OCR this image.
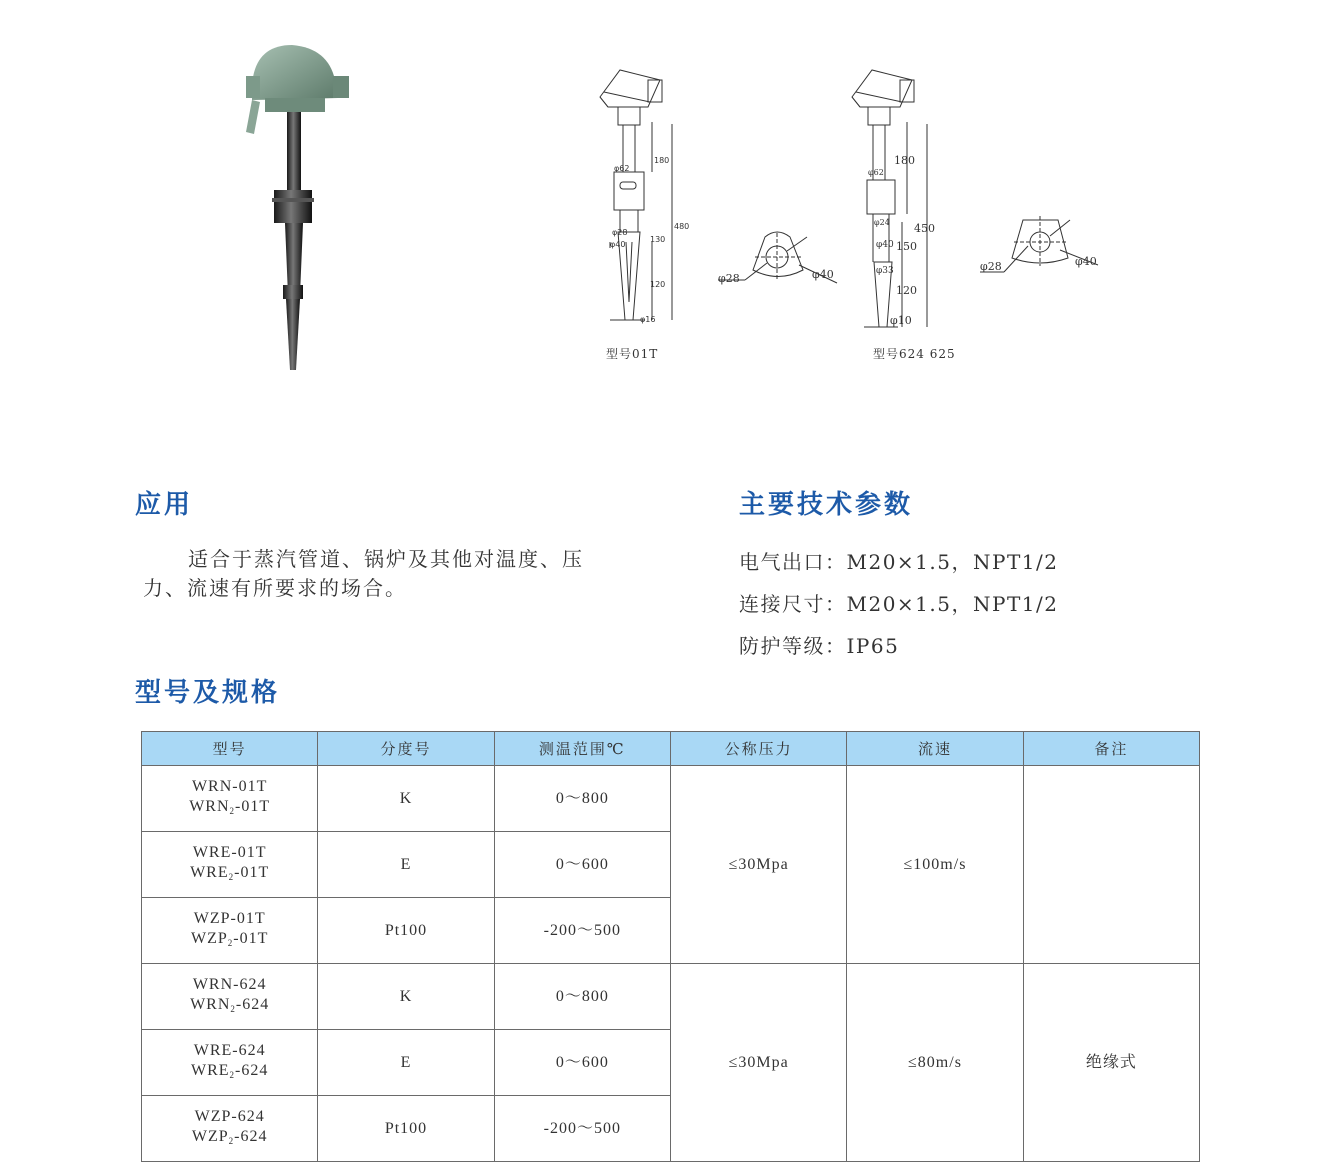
φ62
180
480
φ28
φ40
130
120
φ16
型号01T
φ28	φ40
180
φ62
φ24 450
φ40 150
φ33
120
φ10
型号624 625
φ28	φ40
应用
适合于蒸汽管道、锅炉及其他对温度、压
力、流速有所要求的场合。
主要技术参数
电气出口：M20×1.5，NPT1/2
连接尺寸：M20×1.5，NPT1/2
防护等级：IP65
型号及规格
型号	分度号	测温范围℃	公称压力	流速	备注
WRN-01T
$WRN_2-01T$	K	0～800	≤30Mpa	≤100m/s	
WRE-01T
$WRE_2-01T$	E	0～600			
WZP-01T
$WZP_2-01T$	Pt100	-200～500			
WRN-624
$WRN_2-624$	K	0～800	≤30Mpa	≤80m/s	绝缘式
WRE-624
$WRE_2-624$	E	0～600			
WZP-624
$WZP_2-624$	Pt100	-200～500			
